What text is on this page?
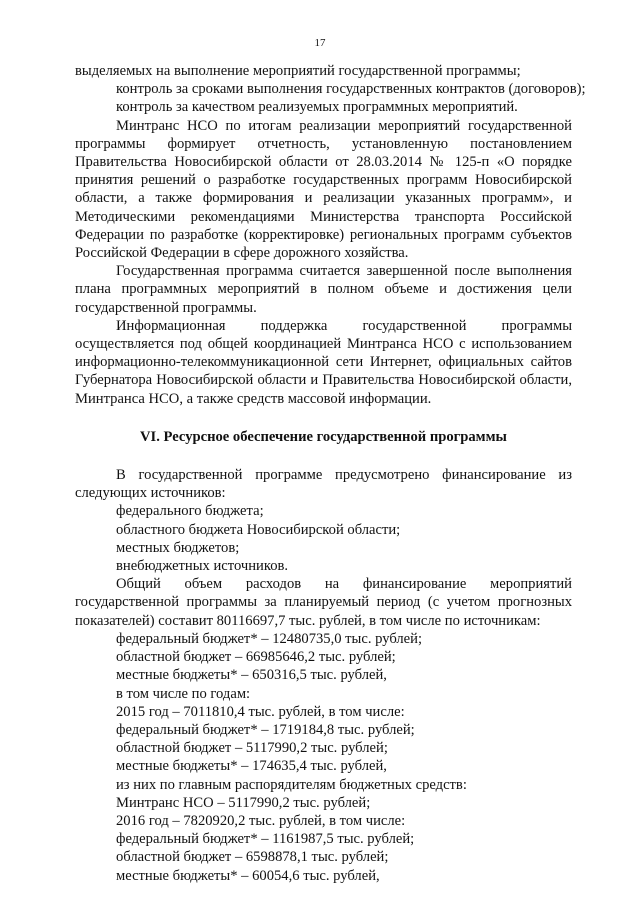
17

выделяемых на выполнение мероприятий государственной программы;

контроль за сроками выполнения государственных контрактов (договоров);

контроль за качеством реализуемых программных мероприятий.

Минтранс НСО по итогам реализации мероприятий государственной программы формирует отчетность, установленную постановлением Правительства Новосибирской области от 28.03.2014 № 125-п «О порядке принятия решений о разработке государственных программ Новосибирской области, а также формирования и реализации указанных программ», и Методическими рекомендациями Министерства транспорта Российской Федерации по разработке (корректировке) региональных программ субъектов Российской Федерации в сфере дорожного хозяйства.

Государственная программа считается завершенной после выполнения плана программных мероприятий в полном объеме и достижения цели государственной программы.

Информационная поддержка государственной программы осуществляется под общей координацией Минтранса НСО с использованием информационно-телекоммуникационной сети Интернет, официальных сайтов Губернатора Новосибирской области и Правительства Новосибирской области, Минтранса НСО, а также средств массовой информации.

VI. Ресурсное обеспечение государственной программы

В государственной программе предусмотрено финансирование из следующих источников:

федерального бюджета;

областного бюджета Новосибирской области;

местных бюджетов;

внебюджетных источников.

Общий объем расходов на финансирование мероприятий государственной программы за планируемый период (с учетом прогнозных показателей) составит 80116697,7 тыс. рублей, в том числе по источникам:

федеральный бюджет* – 12480735,0 тыс. рублей;

областной бюджет – 66985646,2 тыс. рублей;

местные бюджеты* – 650316,5 тыс. рублей,

в том числе по годам:

2015 год – 7011810,4 тыс. рублей, в том числе:

федеральный бюджет* – 1719184,8 тыс. рублей;

областной бюджет – 5117990,2 тыс. рублей;

местные бюджеты* – 174635,4 тыс. рублей,

из них по главным распорядителям бюджетных средств:

Минтранс НСО – 5117990,2 тыс. рублей;

2016 год – 7820920,2 тыс. рублей, в том числе:

федеральный бюджет* – 1161987,5 тыс. рублей;

областной бюджет – 6598878,1 тыс. рублей;

местные бюджеты* – 60054,6 тыс. рублей,
